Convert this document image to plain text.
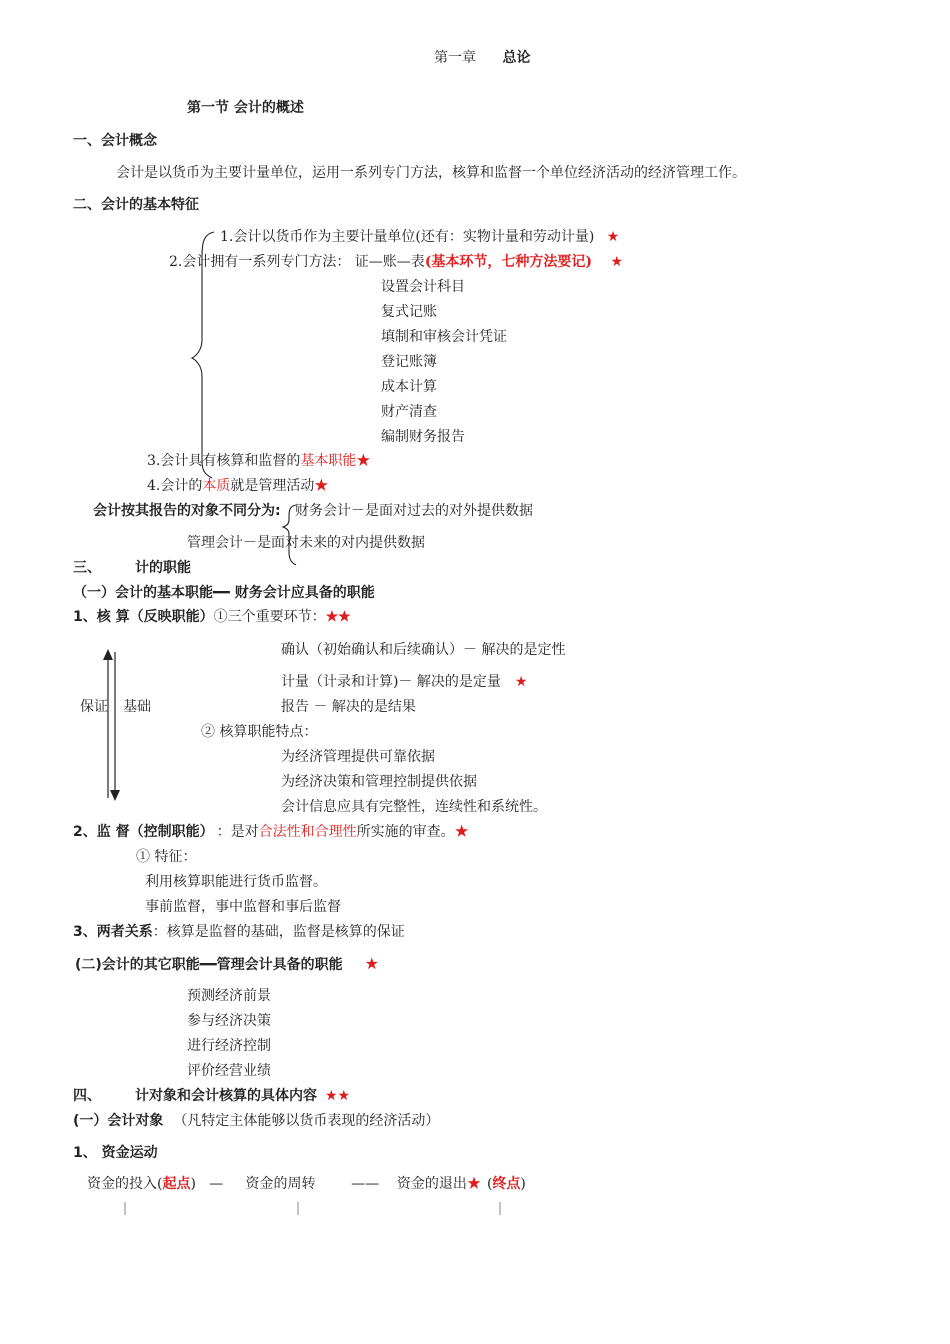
第一章 总论
第一节 会计的概述
一、会计概念
会计是以货币为主要计量单位，运用一系列专门方法，核算和监督一个单位经济活动的经济管理工作。
二、会计的基本特征
1.会计以货币作为主要计量单位(还有：实物计量和劳动计量) ★
2.会计拥有一系列专门方法： 证—账—表(基本环节，七种方法要记) ★
设置会计科目
复式记账
填制和审核会计凭证
登记账簿
成本计算
财产清查
编制财务报告
3.会计具有核算和监督的基本职能★
4.会计的本质就是管理活动★
会计按其报告的对象不同分为: 财务会计－是面对过去的对外提供数据
管理会计－是面对未来的对内提供数据
三、 计的职能
（一）会计的基本职能━━ 财务会计应具备的职能
1、核 算（反映职能）①三个重要环节：★★
确认（初始确认和后续确认）－ 解决的是定性
计量（计录和计算)－ 解决的是定量 ★
报告 － 解决的是结果
保证 基础
② 核算职能特点：
为经济管理提供可靠依据
为经济决策和管理控制提供依据
会计信息应具有完整性，连续性和系统性。
2、监 督（控制职能） ：是对合法性和合理性所实施的审查。★
① 特征：
利用核算职能进行货币监督。
事前监督，事中监督和事后监督
3、两者关系：核算是监督的基础，监督是核算的保证
(二)会计的其它职能━━管理会计具备的职能 ★
预测经济前景
参与经济决策
进行经济控制
评价经营业绩
四、 计对象和会计核算的具体内容 ★★
(一）会计对象 （凡特定主体能够以货币表现的经济活动）
1、 资金运动
资金的投入(起点)   —     资金的周转        ——    资金的退出★ (终点)
